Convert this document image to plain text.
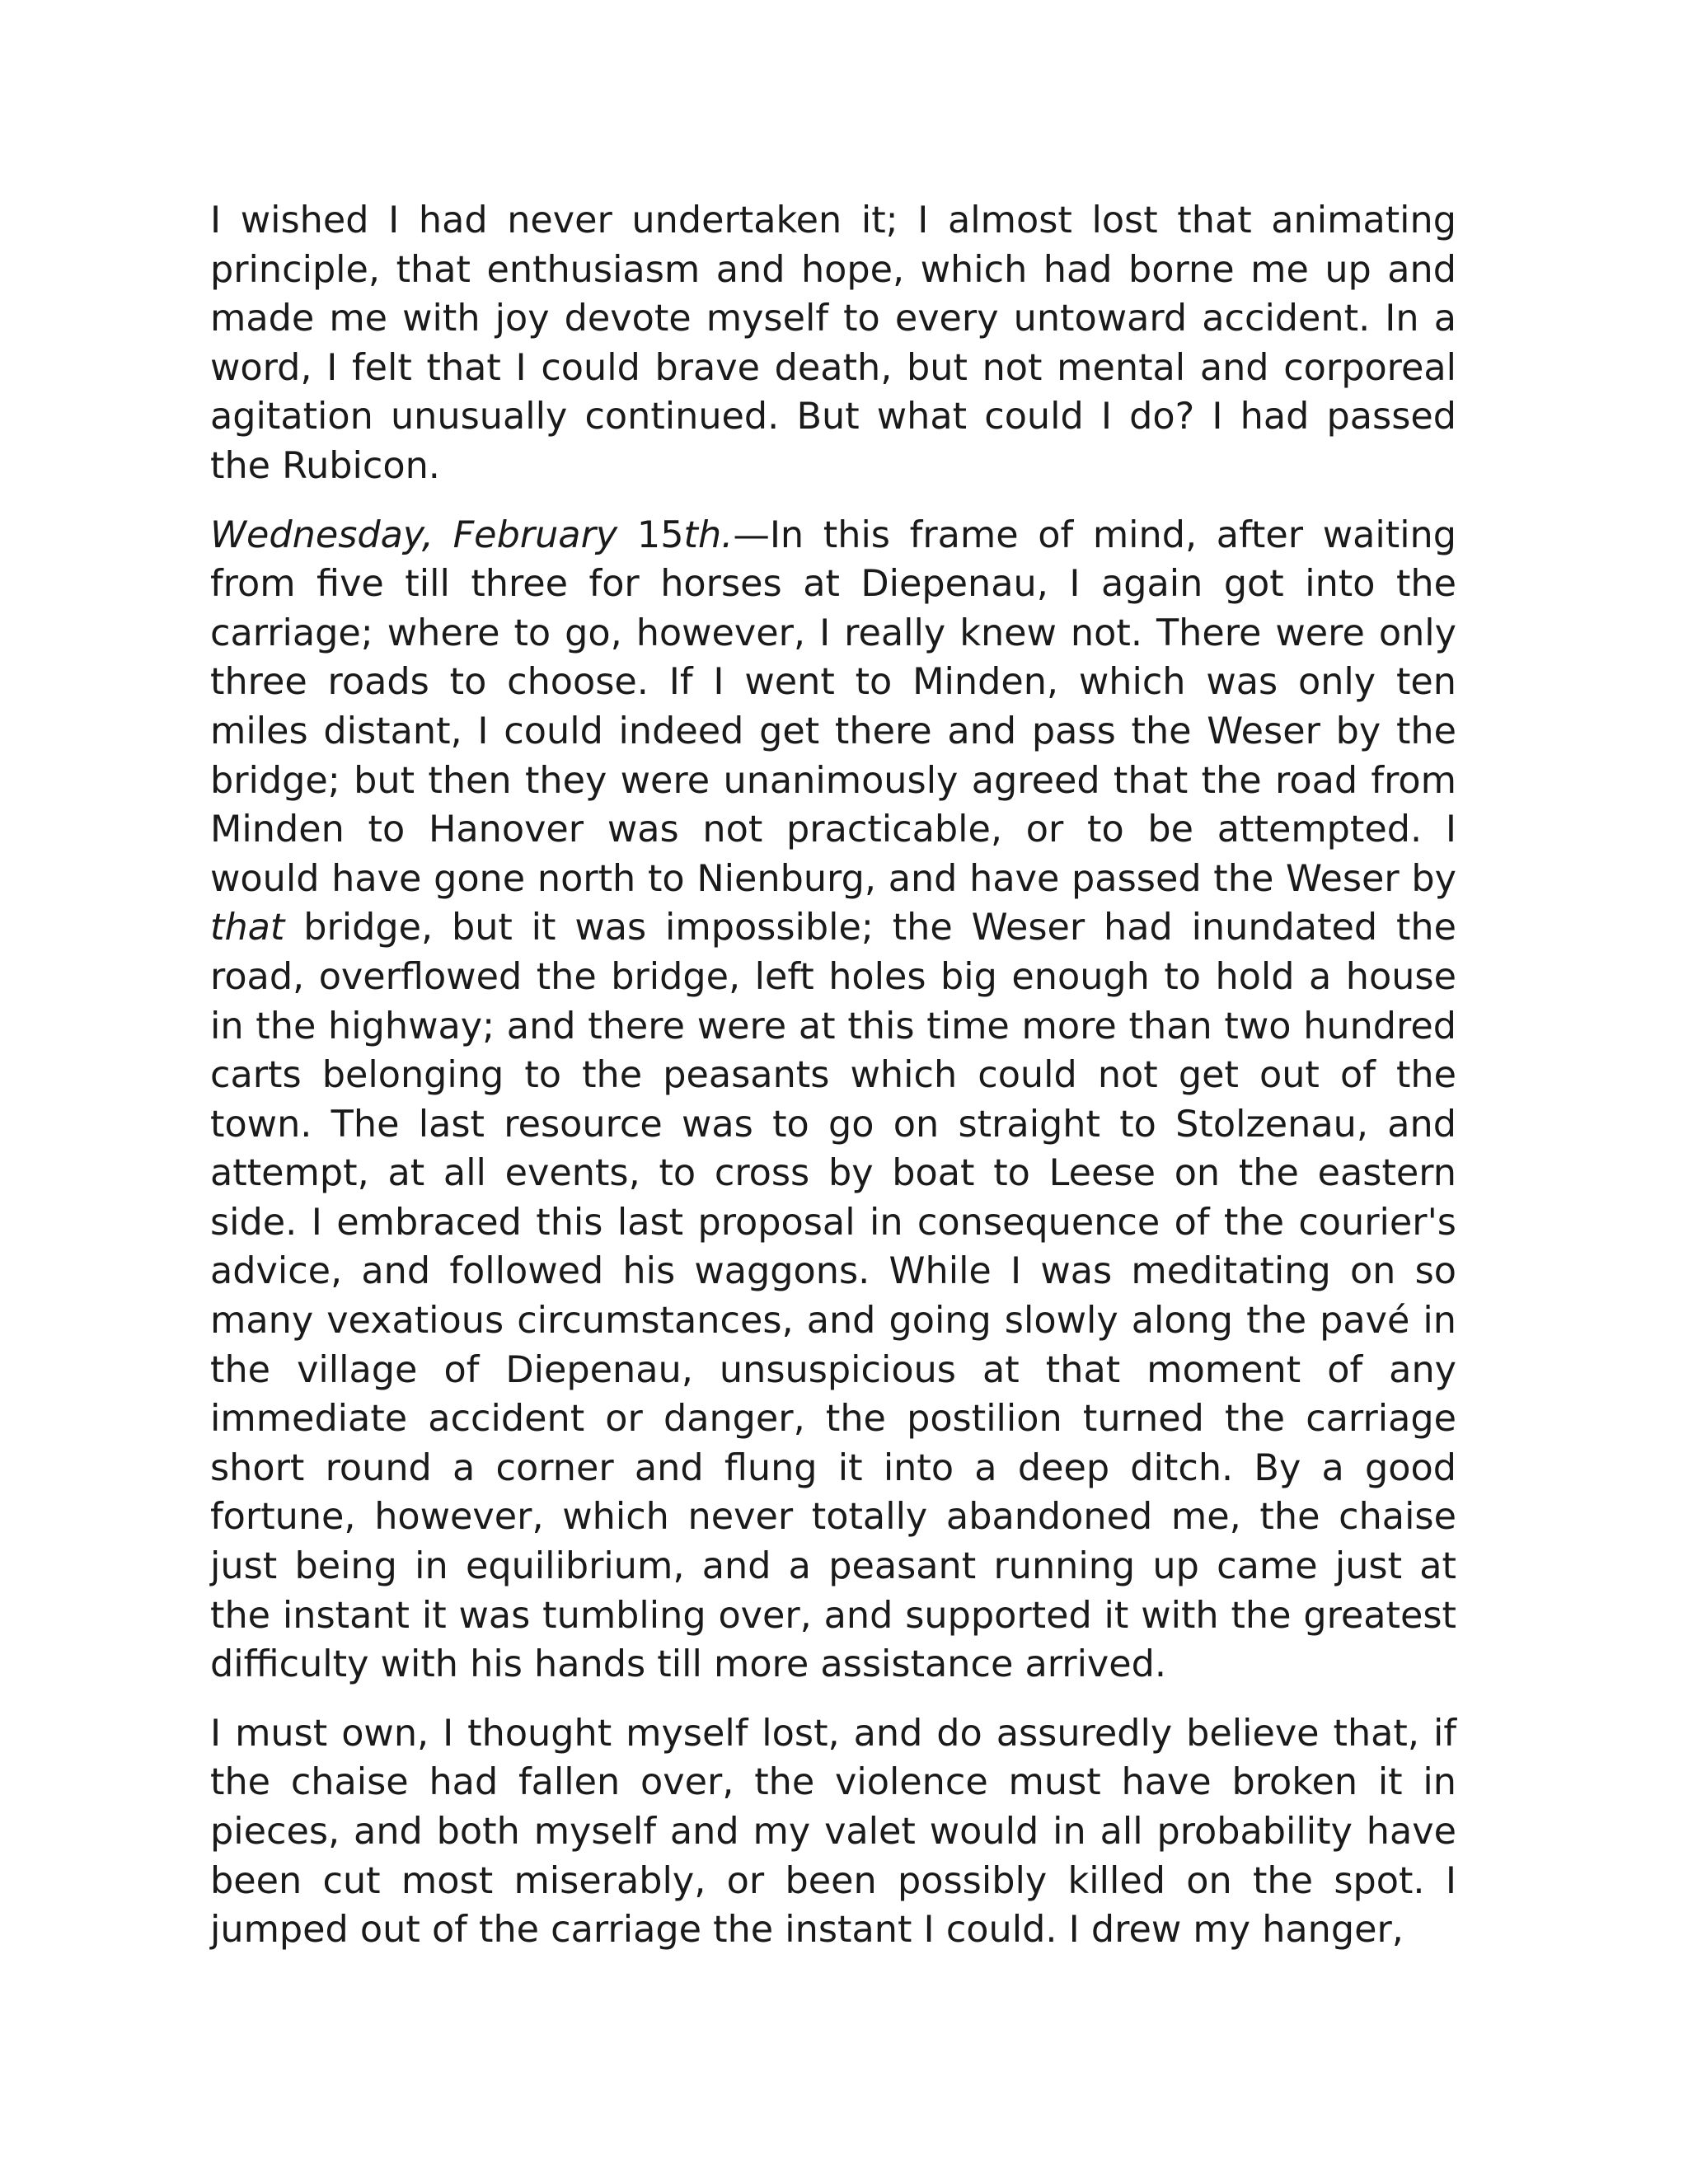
I wished I had never undertaken it; I almost lost that animating principle, that enthusiasm and hope, which had borne me up and made me with joy devote myself to every untoward accident. In a word, I felt that I could brave death, but not mental and corporeal agitation unusually continued. But what could I do? I had passed the Rubicon.

Wednesday, February 15th.—In this frame of mind, after waiting from five till three for horses at Diepenau, I again got into the carriage; where to go, however, I really knew not. There were only three roads to choose. If I went to Minden, which was only ten miles distant, I could indeed get there and pass the Weser by the bridge; but then they were unanimously agreed that the road from Minden to Hanover was not practicable, or to be attempted. I would have gone north to Nienburg, and have passed the Weser by that bridge, but it was impossible; the Weser had inundated the road, overflowed the bridge, left holes big enough to hold a house in the highway; and there were at this time more than two hundred carts belonging to the peasants which could not get out of the town. The last resource was to go on straight to Stolzenau, and attempt, at all events, to cross by boat to Leese on the eastern side. I embraced this last proposal in consequence of the courier's advice, and followed his waggons. While I was meditating on so many vexatious circumstances, and going slowly along the pavé in the village of Diepenau, unsuspicious at that moment of any immediate accident or danger, the postilion turned the carriage short round a corner and flung it into a deep ditch. By a good fortune, however, which never totally abandoned me, the chaise just being in equilibrium, and a peasant running up came just at the instant it was tumbling over, and supported it with the greatest difficulty with his hands till more assistance arrived.

I must own, I thought myself lost, and do assuredly believe that, if the chaise had fallen over, the violence must have broken it in pieces, and both myself and my valet would in all probability have been cut most miserably, or been possibly killed on the spot. I jumped out of the carriage the instant I could. I drew my hanger,
